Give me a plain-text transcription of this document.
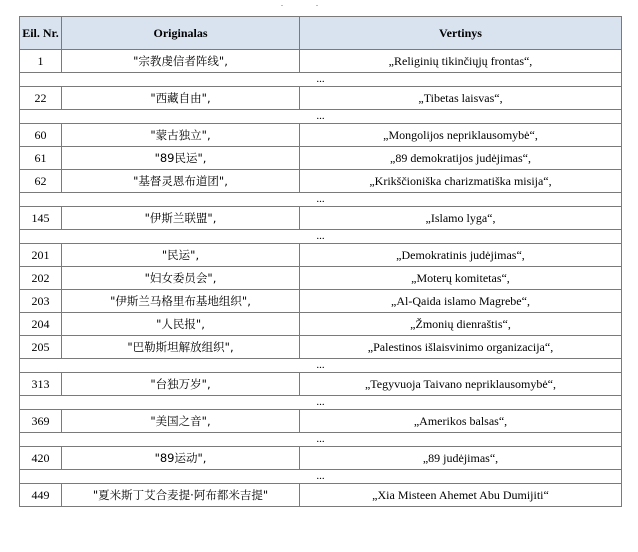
Eil. Nr.	Originalas	Vertinys
1	"宗教虔信者阵线",	„Religinių tikinčiųjų frontas“,
...		
22	"西藏自由",	„Tibetas laisvas“,
...		
60	"蒙古独立",	„Mongolijos nepriklausomybė“,
61	"89民运",	„89 demokratijos judėjimas“,
62	"基督灵恩布道团",	„Krikščioniška charizmatiška misija“,
...		
145	"伊斯兰联盟",	„Islamo lyga“,
...		
201	"民运",	„Demokratinis judėjimas“,
202	"妇女委员会",	„Moterų komitetas“,
203	"伊斯兰马格里布基地组织",	„Al-Qaida islamo Magrebe“,
204	"人民报",	„Žmonių dienraštis“,
205	"巴勒斯坦解放组织",	„Palestinos išlaisvinimo organizacija“,
...		
313	"台独万岁",	„Tegyvuoja Taivano nepriklausomybė“,
...		
369	"美国之音",	„Amerikos balsas“,
...		
420	"89运动",	„89 judėjimas“,
...		
449	"夏米斯丁艾合麦提·阿布都米吉提"	„Xia Misteen Ahemet Abu Dumijiti“
